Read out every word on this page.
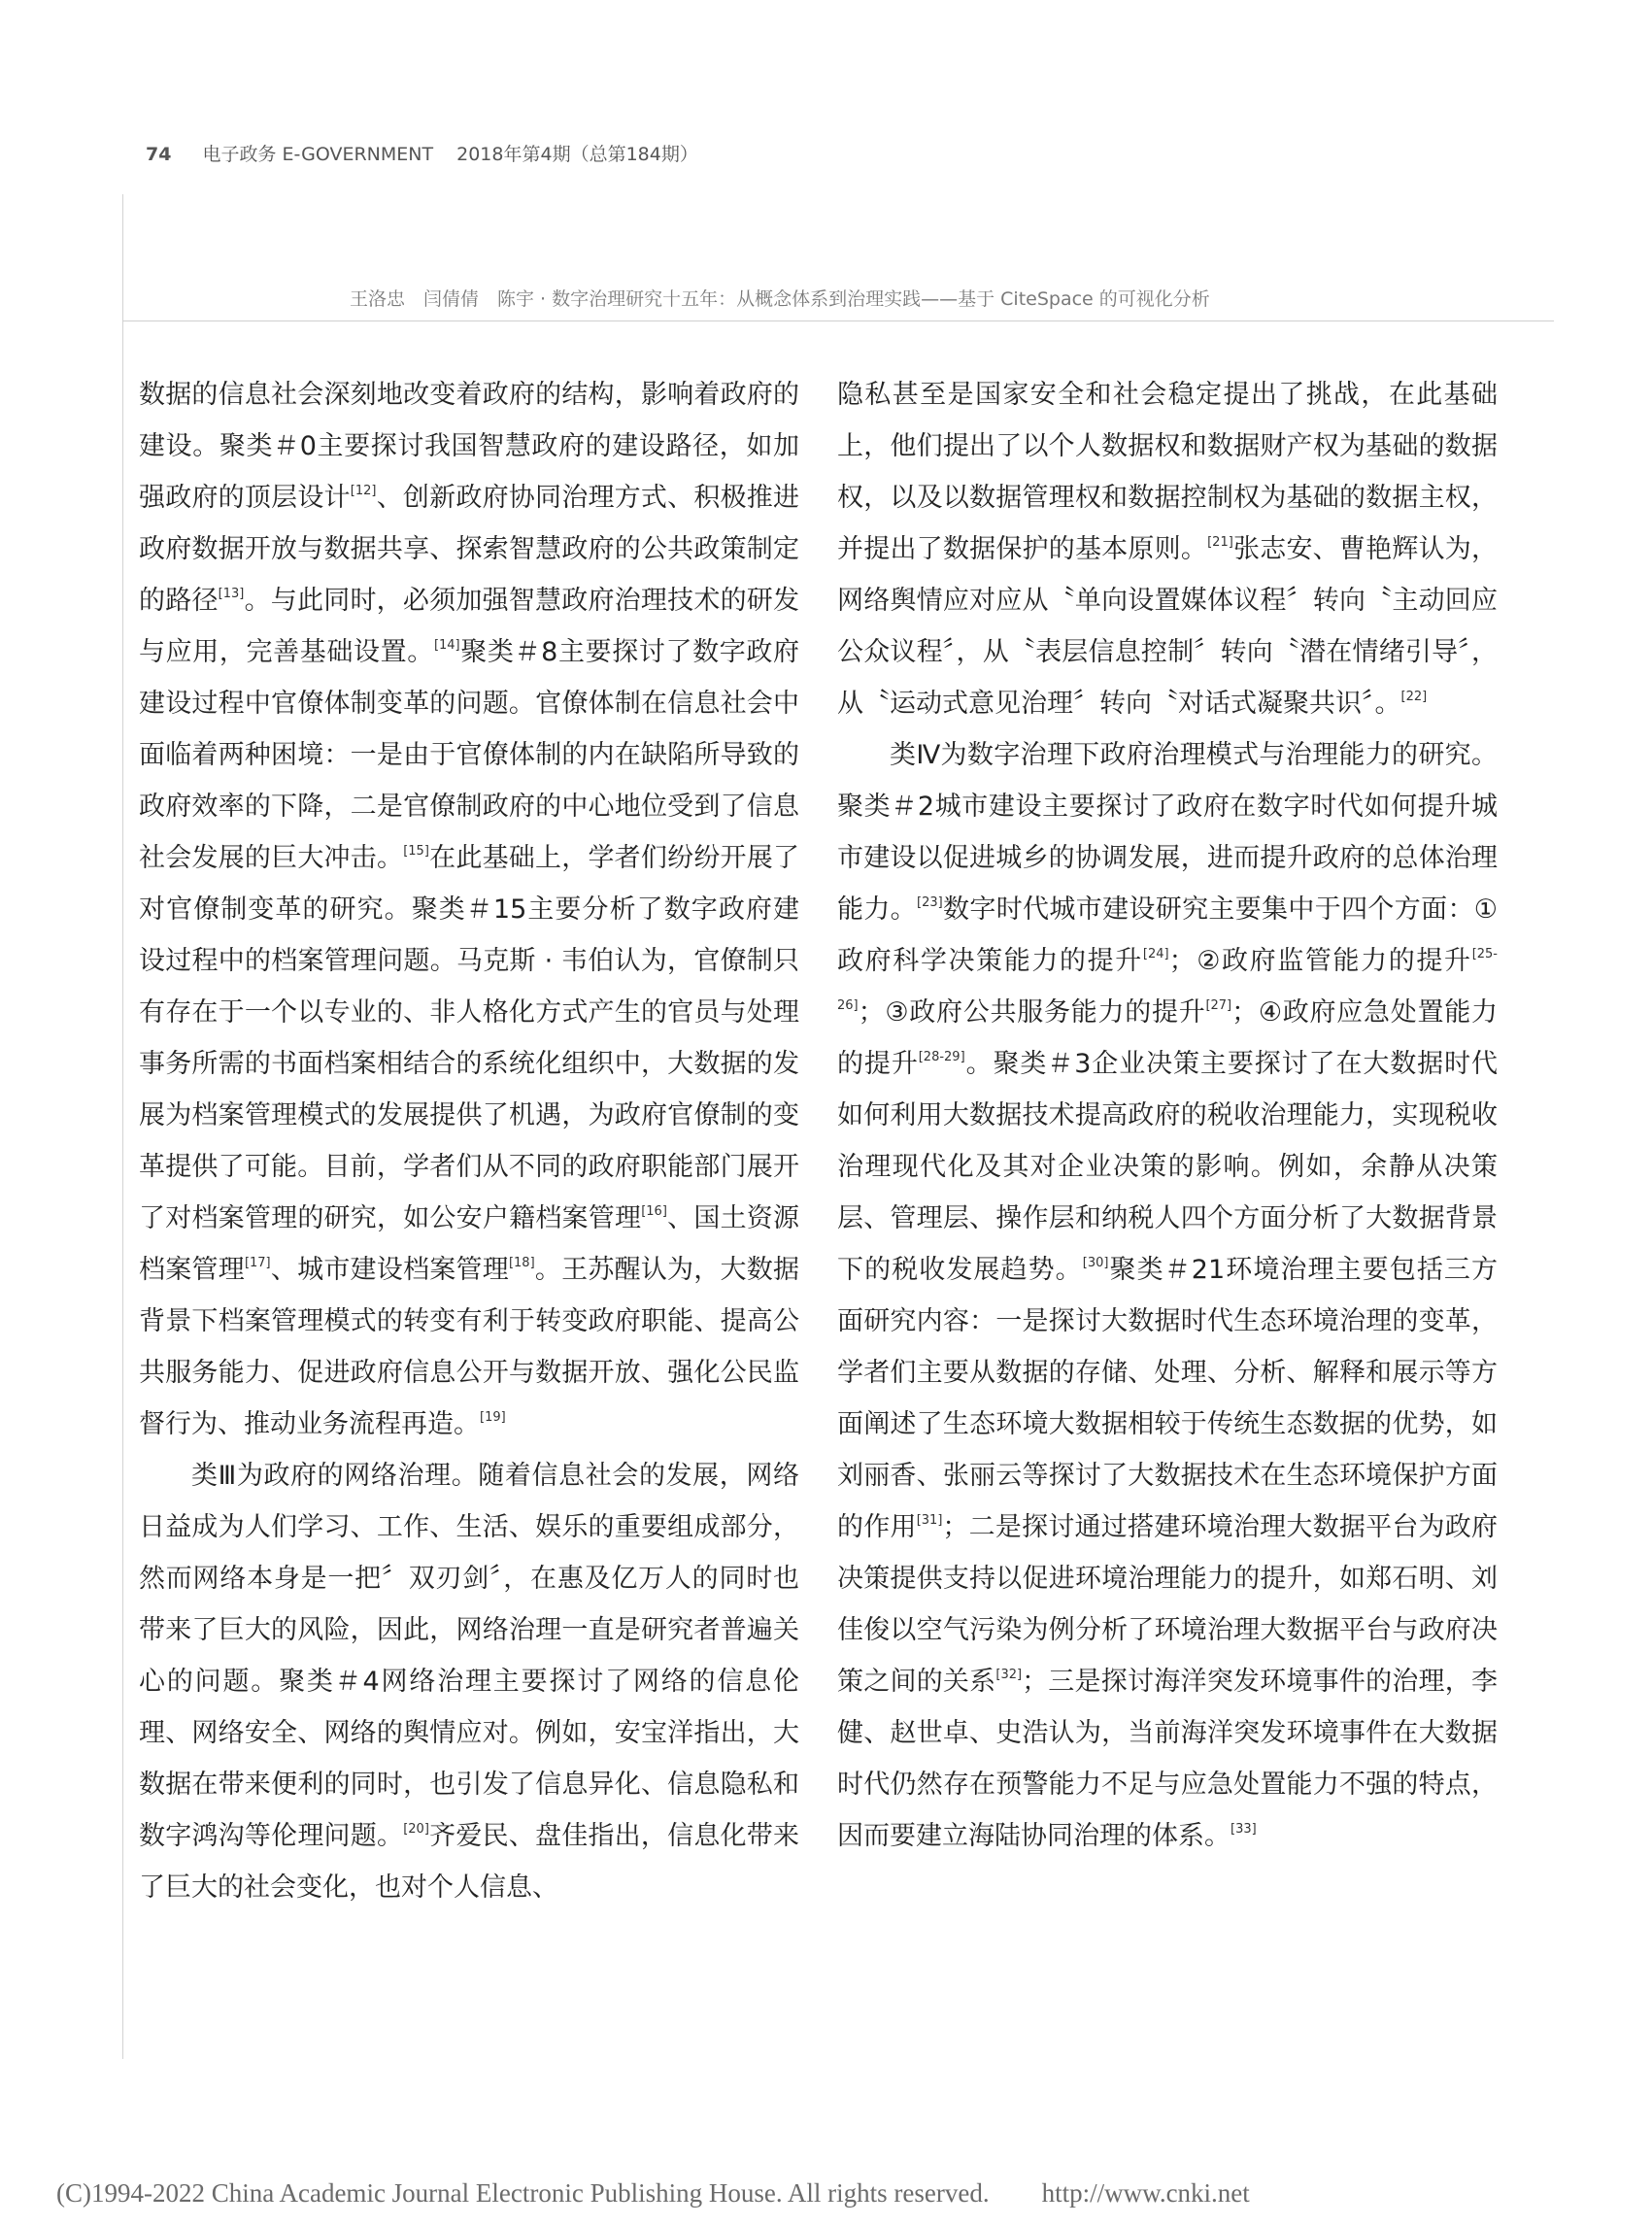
74 电子政务 E-GOVERNMENT 2018年第4期（总第184期）
王洛忠　闫倩倩　陈宇 · 数字治理研究十五年：从概念体系到治理实践——基于 CiteSpace 的可视化分析

数据的信息社会深刻地改变着政府的结构，影响着政府的建设。聚类＃0主要探讨我国智慧政府的建设路径，如加强政府的顶层设计[12]、创新政府协同治理方式、积极推进政府数据开放与数据共享、探索智慧政府的公共政策制定的路径[13]。与此同时，必须加强智慧政府治理技术的研发与应用，完善基础设置。[14]聚类＃8主要探讨了数字政府建设过程中官僚体制变革的问题。官僚体制在信息社会中面临着两种困境：一是由于官僚体制的内在缺陷所导致的政府效率的下降，二是官僚制政府的中心地位受到了信息社会发展的巨大冲击。[15]在此基础上，学者们纷纷开展了对官僚制变革的研究。聚类＃15主要分析了数字政府建设过程中的档案管理问题。马克斯 · 韦伯认为，官僚制只有存在于一个以专业的、非人格化方式产生的官员与处理事务所需的书面档案相结合的系统化组织中，大数据的发展为档案管理模式的发展提供了机遇，为政府官僚制的变革提供了可能。目前，学者们从不同的政府职能部门展开了对档案管理的研究，如公安户籍档案管理[16]、国土资源档案管理[17]、城市建设档案管理[18]。王苏醒认为，大数据背景下档案管理模式的转变有利于转变政府职能、提高公共服务能力、促进政府信息公开与数据开放、强化公民监督行为、推动业务流程再造。[19]

类Ⅲ为政府的网络治理。随着信息社会的发展，网络日益成为人们学习、工作、生活、娱乐的重要组成部分，然而网络本身是一把〞双刃剑〞，在惠及亿万人的同时也带来了巨大的风险，因此，网络治理一直是研究者普遍关心的问题。聚类＃4网络治理主要探讨了网络的信息伦理、网络安全、网络的舆情应对。例如，安宝洋指出，大数据在带来便利的同时，也引发了信息异化、信息隐私和数字鸿沟等伦理问题。[20]齐爱民、盘佳指出，信息化带来了巨大的社会变化，也对个人信息、

隐私甚至是国家安全和社会稳定提出了挑战，在此基础上，他们提出了以个人数据权和数据财产权为基础的数据权，以及以数据管理权和数据控制权为基础的数据主权，并提出了数据保护的基本原则。[21]张志安、曹艳辉认为，网络舆情应对应从〝单向设置媒体议程〞转向〝主动回应公众议程〞，从〝表层信息控制〞转向〝潜在情绪引导〞，从〝运动式意见治理〞转向〝对话式凝聚共识〞。[22]

类Ⅳ为数字治理下政府治理模式与治理能力的研究。聚类＃2城市建设主要探讨了政府在数字时代如何提升城市建设以促进城乡的协调发展，进而提升政府的总体治理能力。[23]数字时代城市建设研究主要集中于四个方面：①政府科学决策能力的提升[24]；②政府监管能力的提升[25-26]；③政府公共服务能力的提升[27]；④政府应急处置能力的提升[28-29]。聚类＃3企业决策主要探讨了在大数据时代如何利用大数据技术提高政府的税收治理能力，实现税收治理现代化及其对企业决策的影响。例如，余静从决策层、管理层、操作层和纳税人四个方面分析了大数据背景下的税收发展趋势。[30]聚类＃21环境治理主要包括三方面研究内容：一是探讨大数据时代生态环境治理的变革，学者们主要从数据的存储、处理、分析、解释和展示等方面阐述了生态环境大数据相较于传统生态数据的优势，如刘丽香、张丽云等探讨了大数据技术在生态环境保护方面的作用[31]；二是探讨通过搭建环境治理大数据平台为政府决策提供支持以促进环境治理能力的提升，如郑石明、刘佳俊以空气污染为例分析了环境治理大数据平台与政府决策之间的关系[32]；三是探讨海洋突发环境事件的治理，李健、赵世卓、史浩认为，当前海洋突发环境事件在大数据时代仍然存在预警能力不足与应急处置能力不强的特点，因而要建立海陆协同治理的体系。[33]

(C)1994-2022 China Academic Journal Electronic Publishing House. All rights reserved.　　http://www.cnki.net
